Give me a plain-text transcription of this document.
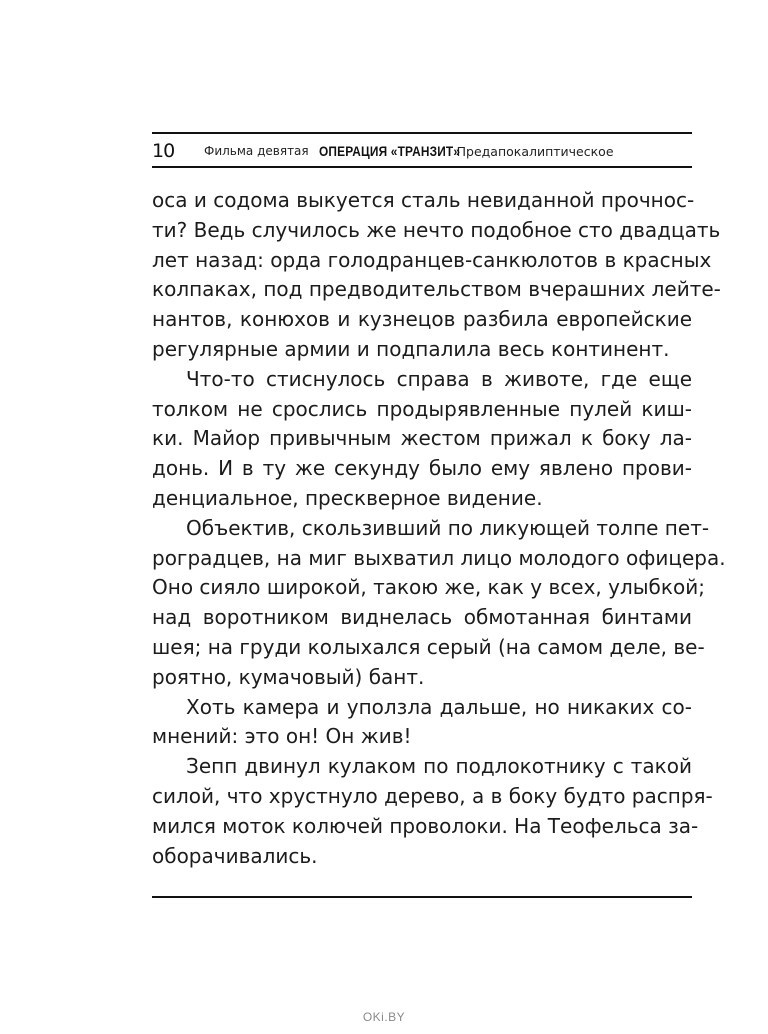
10	Фильма девятая ОПЕРАЦИЯ «ТРАНЗИТ»
Предапокалиптическое
оса и содома выкуется сталь невиданной прочнос-
ти? Ведь случилось же нечто подобное сто двадцать
лет назад: орда голодранцев-санкюлотов в красных
колпаках, под предводительством вчерашних лейте-
нантов, конюхов и кузнецов разбила европейские
регулярные армии и подпалила весь континент.
Что-то стиснулось справа в животе, где еще
толком не срослись продырявленные пулей киш-
ки. Майор привычным жестом прижал к боку ла-
донь. И в ту же секунду было ему явлено прови-
денциальное, прескверное видение.
Объектив, скользивший по ликующей толпе пет-
роградцев, на миг выхватил лицо молодого офицера.
Оно сияло широкой, такою же, как у всех, улыбкой;
над воротником виднелась обмотанная бинтами
шея; на груди колыхался серый (на самом деле, ве-
роятно, кумачовый) бант.
Хоть камера и уползла дальше, но никаких со-
мнений: это он! Он жив!
Зепп двинул кулаком по подлокотнику с такой
силой, что хрустнуло дерево, а в боку будто распря-
мился моток колючей проволоки. На Теофельса за-
оборачивались.
OKi.BY
